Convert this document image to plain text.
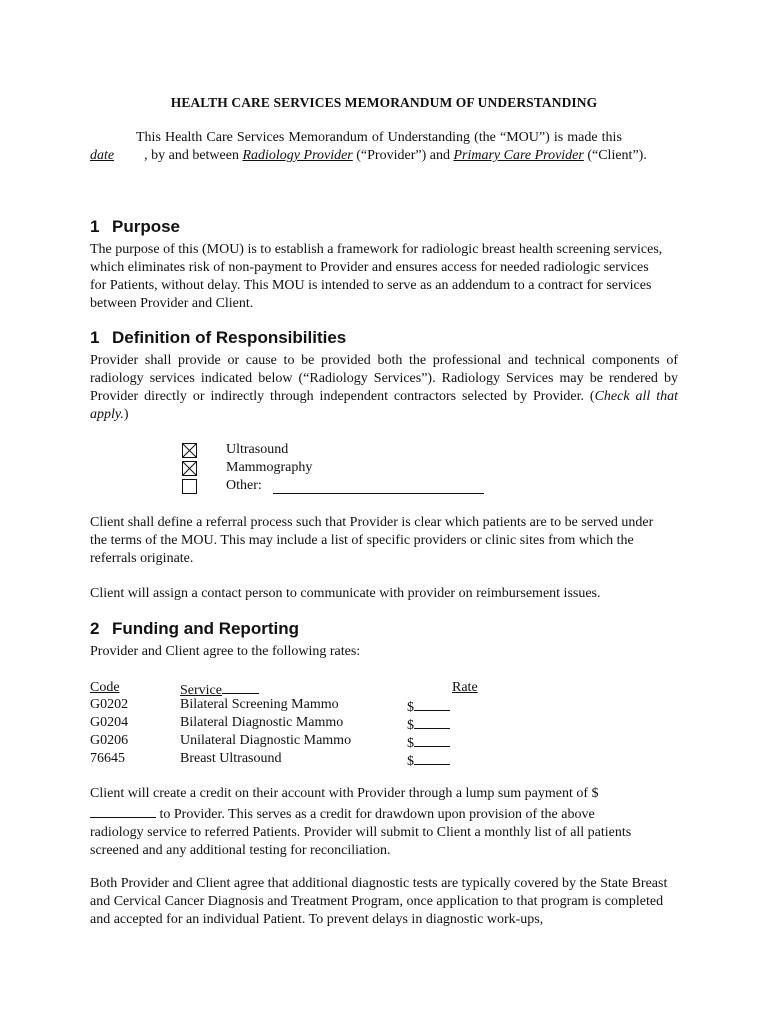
HEALTH CARE SERVICES MEMORANDUM OF UNDERSTANDING
This Health Care Services Memorandum of Understanding (the “MOU”) is made this date , by and between Radiology Provider (“Provider”) and Primary Care Provider (“Client”).
1 Purpose
The purpose of this (MOU) is to establish a framework for radiologic breast health screening services, which eliminates risk of non-payment to Provider and ensures access for needed radiologic services for Patients, without delay. This MOU is intended to serve as an addendum to a contract for services between Provider and Client.
1 Definition of Responsibilities
Provider shall provide or cause to be provided both the professional and technical components of radiology services indicated below (“Radiology Services”). Radiology Services may be rendered by Provider directly or indirectly through independent contractors selected by Provider. (Check all that apply.)
Ultrasound
Mammography
Other:
Client shall define a referral process such that Provider is clear which patients are to be served under the terms of the MOU. This may include a list of specific providers or clinic sites from which the referrals originate.
Client will assign a contact person to communicate with provider on reimbursement issues.
2 Funding and Reporting
Provider and Client agree to the following rates:
Code	Service	Rate
G0202	Bilateral Screening Mammo	$
G0204	Bilateral Diagnostic Mammo	$
G0206	Unilateral Diagnostic Mammo	$
76645	Breast Ultrasound	$
Client will create a credit on their account with Provider through a lump sum payment of $ to Provider. This serves as a credit for drawdown upon provision of the above radiology service to referred Patients. Provider will submit to Client a monthly list of all patients screened and any additional testing for reconciliation.
Both Provider and Client agree that additional diagnostic tests are typically covered by the State Breast and Cervical Cancer Diagnosis and Treatment Program, once application to that program is completed and accepted for an individual Patient. To prevent delays in diagnostic work-ups,
